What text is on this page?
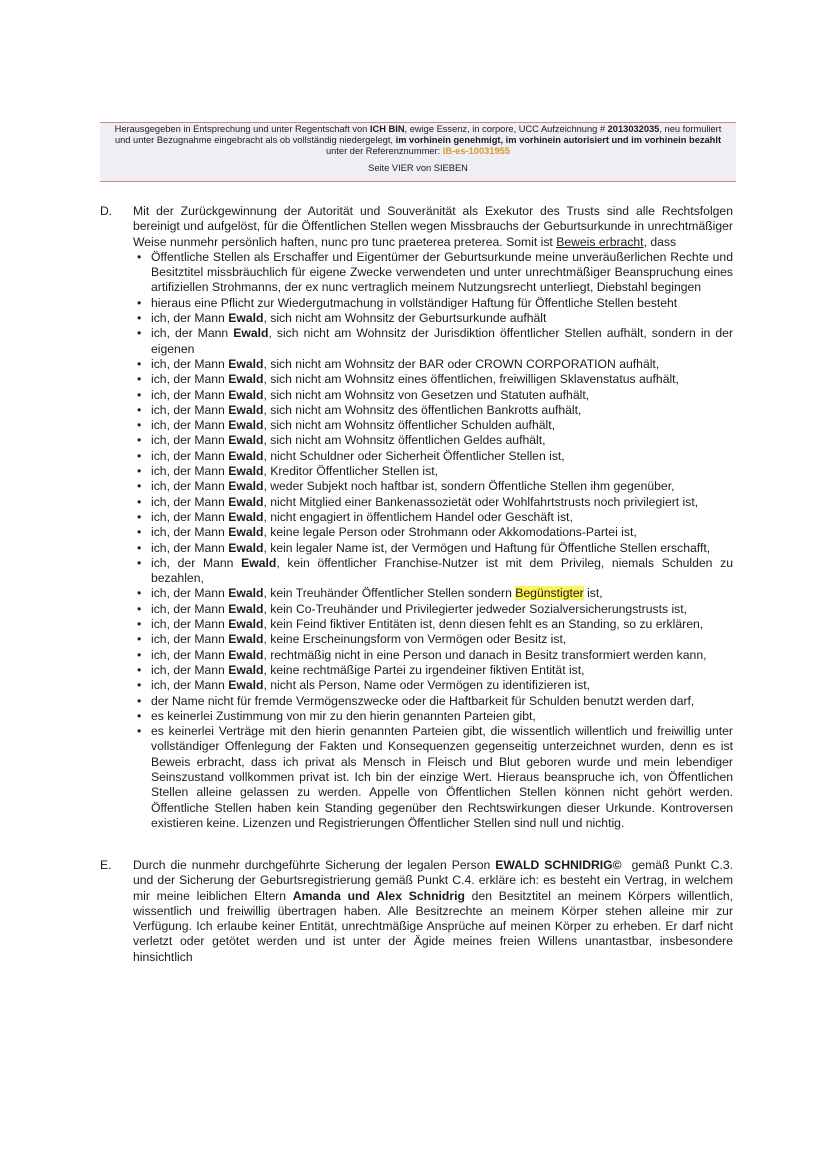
Herausgegeben in Entsprechung und unter Regentschaft von ICH BIN, ewige Essenz, in corpore, UCC Aufzeichnung # 2013032035, neu formuliert und unter Bezugnahme eingebracht als ob vollständig niedergelegt, im vorhinein genehmigt, im vorhinein autorisiert und im vorhinein bezahlt unter der Referenznummer: IB-es-10031955
Seite VIER von SIEBEN
D. Mit der Zurückgewinnung der Autorität und Souveränität als Exekutor des Trusts sind alle Rechtsfolgen bereinigt und aufgelöst, für die Öffentlichen Stellen wegen Missbrauchs der Geburtsurkunde in unrechtmäßiger Weise nunmehr persönlich haften, nunc pro tunc praeterea preterea. Somit ist Beweis erbracht, dass
• Öffentliche Stellen als Erschaffer und Eigentümer der Geburtsurkunde meine unveräußerlichen Rechte und Besitztitel missbräuchlich für eigene Zwecke verwendeten und unter unrechtmäßiger Beanspruchung eines artifiziellen Strohmanns, der ex nunc vertraglich meinem Nutzungsrecht unterliegt, Diebstahl begingen
• hieraus eine Pflicht zur Wiedergutmachung in vollständiger Haftung für Öffentliche Stellen besteht
• ich, der Mann Ewald, sich nicht am Wohnsitz der Geburtsurkunde aufhält
• ich, der Mann Ewald, sich nicht am Wohnsitz der Jurisdiktion öffentlicher Stellen aufhält, sondern in der eigenen
• ich, der Mann Ewald, sich nicht am Wohnsitz der BAR oder CROWN CORPORATION aufhält,
• ich, der Mann Ewald, sich nicht am Wohnsitz eines öffentlichen, freiwilligen Sklavenstatus aufhält,
• ich, der Mann Ewald, sich nicht am Wohnsitz von Gesetzen und Statuten aufhält,
• ich, der Mann Ewald, sich nicht am Wohnsitz des öffentlichen Bankrotts aufhält,
• ich, der Mann Ewald, sich nicht am Wohnsitz öffentlicher Schulden aufhält,
• ich, der Mann Ewald, sich nicht am Wohnsitz öffentlichen Geldes aufhält,
• ich, der Mann Ewald, nicht Schuldner oder Sicherheit Öffentlicher Stellen ist,
• ich, der Mann Ewald, Kreditor Öffentlicher Stellen ist,
• ich, der Mann Ewald, weder Subjekt noch haftbar ist, sondern Öffentliche Stellen ihm gegenüber,
• ich, der Mann Ewald, nicht Mitglied einer Bankenassozietät oder Wohlfahrtstrusts noch privilegiert ist,
• ich, der Mann Ewald, nicht engagiert in öffentlichem Handel oder Geschäft ist,
• ich, der Mann Ewald, keine legale Person oder Strohmann oder Akkomodations-Partei ist,
• ich, der Mann Ewald, kein legaler Name ist, der Vermögen und Haftung für Öffentliche Stellen erschafft,
• ich, der Mann Ewald, kein öffentlicher Franchise-Nutzer ist mit dem Privileg, niemals Schulden zu bezahlen,
• ich, der Mann Ewald, kein Treuhänder Öffentlicher Stellen sondern Begünstigter ist,
• ich, der Mann Ewald, kein Co-Treuhänder und Privilegierter jedweder Sozialversicherungstrusts ist,
• ich, der Mann Ewald, kein Feind fiktiver Entitäten ist, denn diesen fehlt es an Standing, so zu erklären,
• ich, der Mann Ewald, keine Erscheinungsform von Vermögen oder Besitz ist,
• ich, der Mann Ewald, rechtmäßig nicht in eine Person und danach in Besitz transformiert werden kann,
• ich, der Mann Ewald, keine rechtmäßige Partei zu irgendeiner fiktiven Entität ist,
• ich, der Mann Ewald, nicht als Person, Name oder Vermögen zu identifizieren ist,
• der Name nicht für fremde Vermögenszwecke oder die Haftbarkeit für Schulden benutzt werden darf,
• es keinerlei Zustimmung von mir zu den hierin genannten Parteien gibt,
• es keinerlei Verträge mit den hierin genannten Parteien gibt, die wissentlich willentlich und freiwillig unter vollständiger Offenlegung der Fakten und Konsequenzen gegenseitig unterzeichnet wurden, denn es ist Beweis erbracht, dass ich privat als Mensch in Fleisch und Blut geboren wurde und mein lebendiger Seinszustand vollkommen privat ist. Ich bin der einzige Wert. Hieraus beanspruche ich, von Öffentlichen Stellen alleine gelassen zu werden. Appelle von Öffentlichen Stellen können nicht gehört werden. Öffentliche Stellen haben kein Standing gegenüber den Rechtswirkungen dieser Urkunde. Kontroversen existieren keine. Lizenzen und Registrierungen Öffentlicher Stellen sind null und nichtig.
E. Durch die nunmehr durchgeführte Sicherung der legalen Person EWALD SCHNIDRIG©  gemäß Punkt C.3. und der Sicherung der Geburtsregistrierung gemäß Punkt C.4. erkläre ich: es besteht ein Vertrag, in welchem mir meine leiblichen Eltern Amanda und Alex Schnidrig den Besitztitel an meinem Körpers willentlich, wissentlich und freiwillig übertragen haben. Alle Besitzrechte an meinem Körper stehen alleine mir zur Verfügung. Ich erlaube keiner Entität, unrechtmäßige Ansprüche auf meinen Körper zu erheben. Er darf nicht verletzt oder getötet werden und ist unter der Ägide meines freien Willens unantastbar, insbesondere hinsichtlich
